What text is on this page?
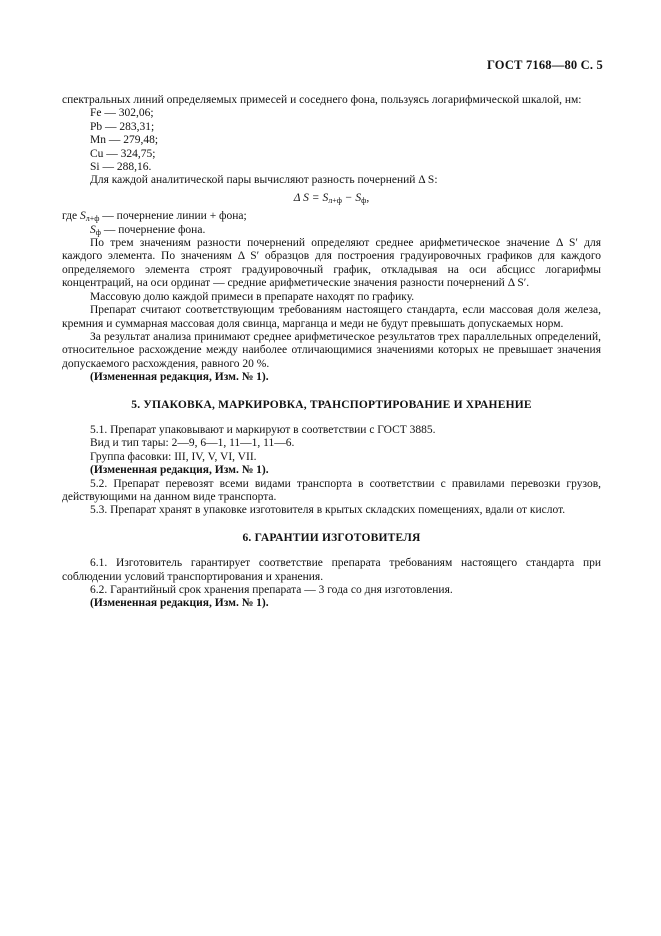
ГОСТ 7168—80 С. 5

спектральных линий определяемых примесей и соседнего фона, пользуясь логарифмической шкалой, нм:

Fe — 302,06;
Pb — 283,31;
Mn — 279,48;
Cu — 324,75;
Si — 288,16.

Для каждой аналитической пары вычисляют разность почернений Δ S:

Δ $S = S_{л+ф} - S_ф$,

где $S_{л+ф}$ — почернение линии + фона;

$S_ф$ — почернение фона.

По трем значениям разности почернений определяют среднее арифметическое значение Δ S′ для каждого элемента. По значениям Δ S′ образцов для построения градуировочных графиков для каждого определяемого элемента строят градуировочный график, откладывая на оси абсцисс логарифмы концентраций, на оси ординат — средние арифметические значения разности почернений Δ S′.

Массовую долю каждой примеси в препарате находят по графику.

Препарат считают соответствующим требованиям настоящего стандарта, если массовая доля железа, кремния и суммарная массовая доля свинца, марганца и меди не будут превышать допускаемых норм.

За результат анализа принимают среднее арифметическое результатов трех параллельных определений, относительное расхождение между наиболее отличающимися значениями которых не превышает значения допускаемого расхождения, равного 20 %.

(Измененная редакция, Изм. № 1).

5. УПАКОВКА, МАРКИРОВКА, ТРАНСПОРТИРОВАНИЕ И ХРАНЕНИЕ

5.1. Препарат упаковывают и маркируют в соответствии с ГОСТ 3885.

Вид и тип тары: 2—9, 6—1, 11—1, 11—6.

Группа фасовки: III, IV, V, VI, VII.

(Измененная редакция, Изм. № 1).

5.2. Препарат перевозят всеми видами транспорта в соответствии с правилами перевозки грузов, действующими на данном виде транспорта.

5.3. Препарат хранят в упаковке изготовителя в крытых складских помещениях, вдали от кислот.

6. ГАРАНТИИ ИЗГОТОВИТЕЛЯ

6.1. Изготовитель гарантирует соответствие препарата требованиям настоящего стандарта при соблюдении условий транспортирования и хранения.

6.2. Гарантийный срок хранения препарата — 3 года со дня изготовления.

(Измененная редакция, Изм. № 1).
